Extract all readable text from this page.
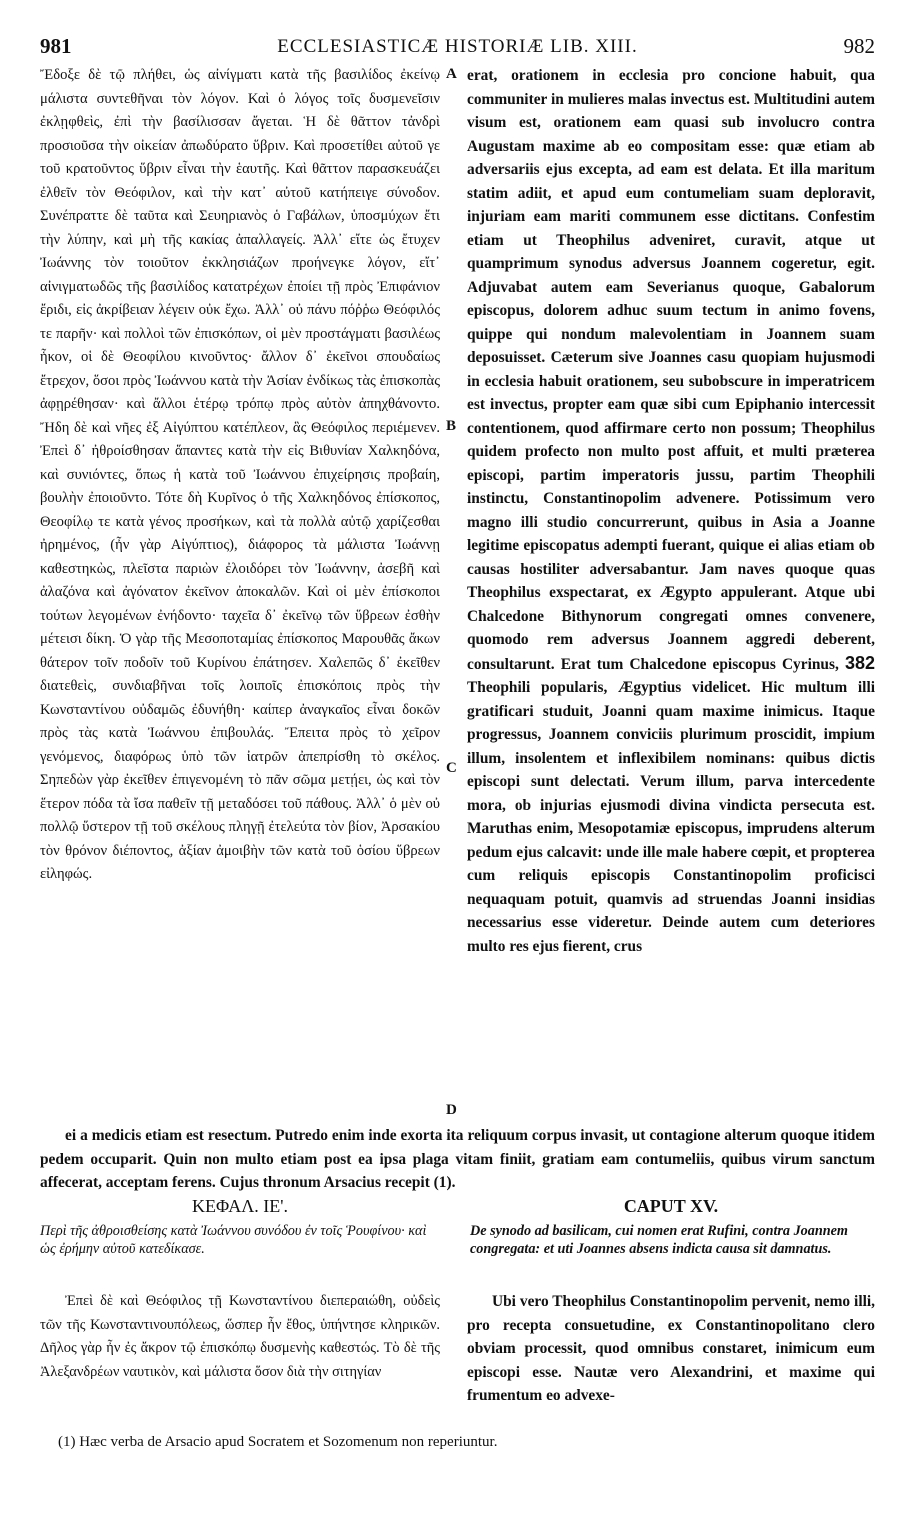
981	ECCLESIASTICÆ HISTORIÆ LIB. XIII.	982
Ἔδοξε δὲ τῷ πλήθει, ὡς αἰνίγματι κατὰ τῆς βασιλίδος ἐκείνῳ μάλιστα συντεθῆναι τὸν λόγον. Καὶ ὁ λόγος τοῖς δυσμενεῖσιν ἐκλῃφθεὶς, ἐπὶ τὴν βασίλισσαν ἄγεται. Ἡ δὲ θᾶττον τἀνδρὶ προσιοῦσα τὴν οἰκείαν ἀπωδύρατο ὕβριν. Καὶ προσετίθει αὐτοῦ γε τοῦ κρατοῦντος ὕβριν εἶναι τὴν ἑαυτῆς. Καὶ θᾶττον παρασκευάζει ἐλθεῖν τὸν Θεόφιλον, καὶ τὴν κατ᾽ αὐτοῦ κατήπειγε σύνοδον. Συνέπραττε δὲ ταῦτα καὶ Σευηριανὸς ὁ Γαβάλων, ὑποσμύχων ἔτι τὴν λύπην, καὶ μὴ τῆς κακίας ἀπαλλαγείς. Ἀλλ᾽ εἴτε ὡς ἔτυχεν Ἰωάννης τὸν τοιοῦτον ἐκκλησιάζων προήνεγκε λόγον, εἴτ᾽ αἰνιγματωδῶς τῆς βασιλίδος κατατρέχων ἐποίει τῇ πρὸς Ἐπιφάνιον ἔριδι, εἰς ἀκρίβειαν λέγειν οὐκ ἔχω. Ἀλλ᾽ οὐ πάνυ πόῤῥω Θεόφιλός τε παρῆν· καὶ πολλοὶ τῶν ἐπισκόπων, οἱ μὲν προστάγματι βασιλέως ἧκον, οἱ δὲ Θεοφίλου κινοῦντος· ἄλλον δ᾽ ἐκεῖνοι σπουδαίως ἔτρεχον, ὅσοι πρὸς Ἰωάννου κατὰ τὴν Ἀσίαν ἐνδίκως τὰς ἐπισκοπὰς ἀφῃρέθησαν· καὶ ἄλλοι ἑτέρῳ τρόπῳ πρὸς αὐτὸν ἀπηχθάνοντο. Ἤδη δὲ καὶ νῆες ἐξ Αἰγύπτου κατέπλεον, ἃς Θεόφιλος περιέμενεν. Ἐπεὶ δ᾽ ἠθροίσθησαν ἅπαντες κατὰ τὴν εἰς Βιθυνίαν Χαλκηδόνα, καὶ συνιόντες, ὅπως ἡ κατὰ τοῦ Ἰωάννου ἐπιχείρησις προβαίη, βουλὴν ἐποιοῦντο. Τότε δὴ Κυρῖνος ὁ τῆς Χαλκηδόνος ἐπίσκοπος, Θεοφίλῳ τε κατὰ γένος προσήκων, καὶ τὰ πολλὰ αὐτῷ χαρίζεσθαι ἠρημένος, (ἦν γὰρ Αἰγύπτιος), διάφορος τὰ μάλιστα Ἰωάννῃ καθεστηκὼς, πλεῖστα παριὼν ἐλοιδόρει τὸν Ἰωάννην, ἀσεβῆ καὶ ἀλαζόνα καὶ ἀγόνατον ἐκεῖνον ἀποκαλῶν. Καὶ οἱ μὲν ἐπίσκοποι τούτων λεγομένων ἐνήδοντο· ταχεῖα δ᾽ ἐκεῖνῳ τῶν ὕβρεων ἐσθὴν μέτεισι δίκη. Ὁ γὰρ τῆς Μεσοποταμίας ἐπίσκοπος Μαρουθᾶς ἄκων θάτερον τοῖν ποδοῖν τοῦ Κυρίνου ἐπάτησεν. Χαλεπῶς δ᾽ ἐκεῖθεν διατεθεὶς, συνδιαβῆναι τοῖς λοιποῖς ἐπισκόποις πρὸς τὴν Κωνσταντίνου οὐδαμῶς ἐδυνήθη· καίπερ ἀναγκαῖος εἶναι δοκῶν πρὸς τὰς κατὰ Ἰωάννου ἐπιβουλάς. Ἔπειτα πρὸς τὸ χεῖρον γενόμενος, διαφόρως ὑπὸ τῶν ἰατρῶν ἀπεπρίσθη τὸ σκέλος. Σηπεδὼν γὰρ ἐκεῖθεν ἐπιγενομένη τὸ πᾶν σῶμα μετῄει, ὡς καὶ τὸν ἕτερον πόδα τὰ ἴσα παθεῖν τῇ μεταδόσει τοῦ πάθους. Ἀλλ᾽ ὁ μὲν οὐ πολλῷ ὕστερον τῇ τοῦ σκέλους πληγῇ ἐτελεύτα τὸν βίον, Ἀρσακίου τὸν θρόνον διέποντος, ἀξίαν ἀμοιβὴν τῶν κατὰ τοῦ ὁσίου ὕβρεων εἰληφώς.
erat, orationem in ecclesia pro concione habuit, qua communiter in mulieres malas invectus est. Multitudini autem visum est, orationem eam quasi sub involucro contra Augustam maxime ab eo compositam esse: quæ etiam ab adversariis ejus excepta, ad eam est delata. Et illa maritum statim adiit, et apud eum contumeliam suam deploravit, injuriam eam mariti communem esse dictitans. Confestim etiam ut Theophilus adveniret, curavit, atque ut quamprimum synodus adversus Joannem cogeretur, egit. Adjuvabat autem eam Severianus quoque, Gabalorum episcopus, dolorem adhuc suum tectum in animo fovens, quippe qui nondum malevolentiam in Joannem suam deposuisset. Cæterum sive Joannes casu quopiam hujusmodi in ecclesia habuit orationem, seu subobscure in imperatricem est invectus, propter eam quæ sibi cum Epiphanio intercessit contentionem, quod affirmare certo non possum; Theophilus quidem profecto non multo post affuit, et multi præterea episcopi, partim imperatoris jussu, partim Theophili instinctu, Constantinopolim advenere. Potissimum vero magno illi studio concurrerunt, quibus in Asia a Joanne legitime episcopatus adempti fuerant, quique ei alias etiam ob causas hostiliter adversabantur. Jam naves quoque quas Theophilus exspectarat, ex Ægypto appulerant. Atque ubi Chalcedone Bithynorum congregati omnes convenere, quomodo rem adversus Joannem aggredi deberent, consultarunt. Erat tum Chalcedone episcopus Cyrinus, 382 Theophili popularis, Ægyptius videlicet. Hic multum illi gratificari studuit, Joanni quam maxime inimicus. Itaque progressus, Joannem conviciis plurimum proscidit, impium illum, insolentem et inflexibilem nominans: quibus dictis episcopi sunt delectati. Verum illum, parva intercedente mora, ob injurias ejusmodi divina vindicta persecuta est. Maruthas enim, Mesopotamiæ episcopus, imprudens alterum pedum ejus calcavit: unde ille male habere cœpit, et propterea cum reliquis episcopis Constantinopolim proficisci nequaquam potuit, quamvis ad struendas Joanni insidias necessarius esse videretur. Deinde autem cum deteriores multo res ejus fierent, crus
A
B
C
D
ei a medicis etiam est resectum. Putredo enim inde exorta ita reliquum corpus invasit, ut contagione alterum quoque itidem pedem occuparit. Quin non multo etiam post ea ipsa plaga vitam finiit, gratiam eam contumeliis, quibus virum sanctum affecerat, acceptam ferens. Cujus thronum Arsacius recepit (1).
ΚΕΦΑΛ. ΙΕ'.	CAPUT XV.
Περὶ τῆς ἀθροισθείσης κατὰ Ἰωάννου συνόδου ἐν τοῖς Ῥουφίνου· καὶ ὡς ἐρήμην αὐτοῦ κατεδίκασε.
De synodo ad basilicam, cui nomen erat Rufini, contra Joannem congregata: et uti Joannes absens indicta causa sit damnatus.
Ἐπεὶ δὲ καὶ Θεόφιλος τῇ Κωνσταντίνου διεπεραιώθη, οὐδεὶς τῶν τῆς Κωνσταντινουπόλεως, ὥσπερ ἦν ἔθος, ὑπήντησε κληρικῶν. Δῆλος γὰρ ἦν ἐς ἄκρον τῷ ἐπισκόπῳ δυσμενὴς καθεστώς. Τὸ δὲ τῆς Ἀλεξανδρέων ναυτικὸν, καὶ μάλιστα ὅσον διὰ τὴν σιτηγίαν
Ubi vero Theophilus Constantinopolim pervenit, nemo illi, pro recepta consuetudine, ex Constantinopolitano clero obviam processit, quod omnibus constaret, inimicum eum episcopi esse. Nautæ vero Alexandrini, et maxime qui frumentum eo advexe-
(1) Hæc verba de Arsacio apud Socratem et Sozomenum non reperiuntur.
